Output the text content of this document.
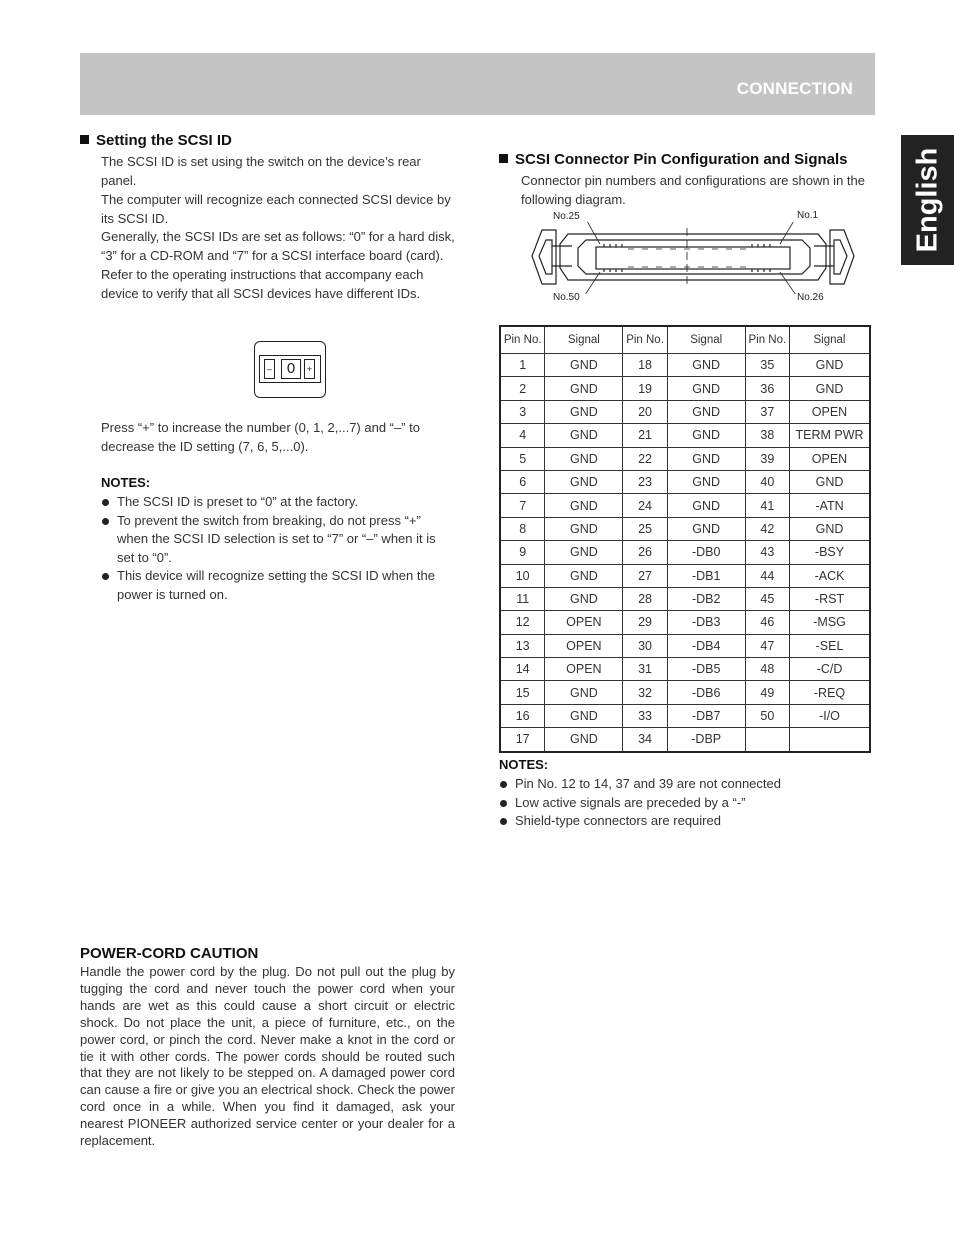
CONNECTION
English
Setting the SCSI ID

The SCSI ID is set using the switch on the device’s rear panel.

The computer will recognize each connected SCSI device by its SCSI ID.

Generally, the SCSI IDs are set as follows: “0” for a hard disk, “3” for a CD-ROM and “7” for a SCSI interface board (card). Refer to the operating instructions that accompany each device to verify that all SCSI devices have different IDs.

– 0	+

Press “+” to increase the number (0, 1, 2,...7) and “–” to decrease the ID setting (7, 6, 5,...0).

NOTES:
The SCSI ID is preset to “0” at the factory.
To prevent the switch from breaking, do not press “+” when the SCSI ID selection is set to “7” or “–” when it is set to “0”.
This device will recognize setting the SCSI ID when the power is turned on.
POWER-CORD CAUTION

Handle the power cord by the plug. Do not pull out the plug by tugging the cord and never touch the power cord when your hands are wet as this could cause a short circuit or electric shock. Do not place the unit, a piece of furniture, etc., on the power cord, or pinch the cord. Never make a knot in the cord or tie it with other cords. The power cords should be routed such that they are not likely to be stepped on. A damaged power cord can cause a fire or give you an electrical shock. Check the power cord once in a while. When you find it damaged, ask your nearest PIONEER authorized service center or your dealer for a replacement.

SCSI Connector Pin Configuration and Signals

Connector pin numbers and configurations are shown in the following diagram.

No.25	No.1
No.50	No.26
Pin No.	Signal	Pin No.	Signal	Pin No.	Signal
1	GND	18	GND	35	GND
2	GND	19	GND	36	GND
3	GND	20	GND	37	OPEN
4	GND	21	GND	38	TERM PWR
5	GND	22	GND	39	OPEN
6	GND	23	GND	40	GND
7	GND	24	GND	41	-ATN
8	GND	25	GND	42	GND
9	GND	26	-DB0	43	-BSY
10	GND	27	-DB1	44	-ACK
11	GND	28	-DB2	45	-RST
12	OPEN	29	-DB3	46	-MSG
13	OPEN	30	-DB4	47	-SEL
14	OPEN	31	-DB5	48	-C/D
15	GND	32	-DB6	49	-REQ
16	GND	33	-DB7	50	-I/O
17	GND	34	-DBP		
NOTES:
Pin No. 12 to 14, 37 and 39 are not connected
Low active signals are preceded by a “-”
Shield-type connectors are required
